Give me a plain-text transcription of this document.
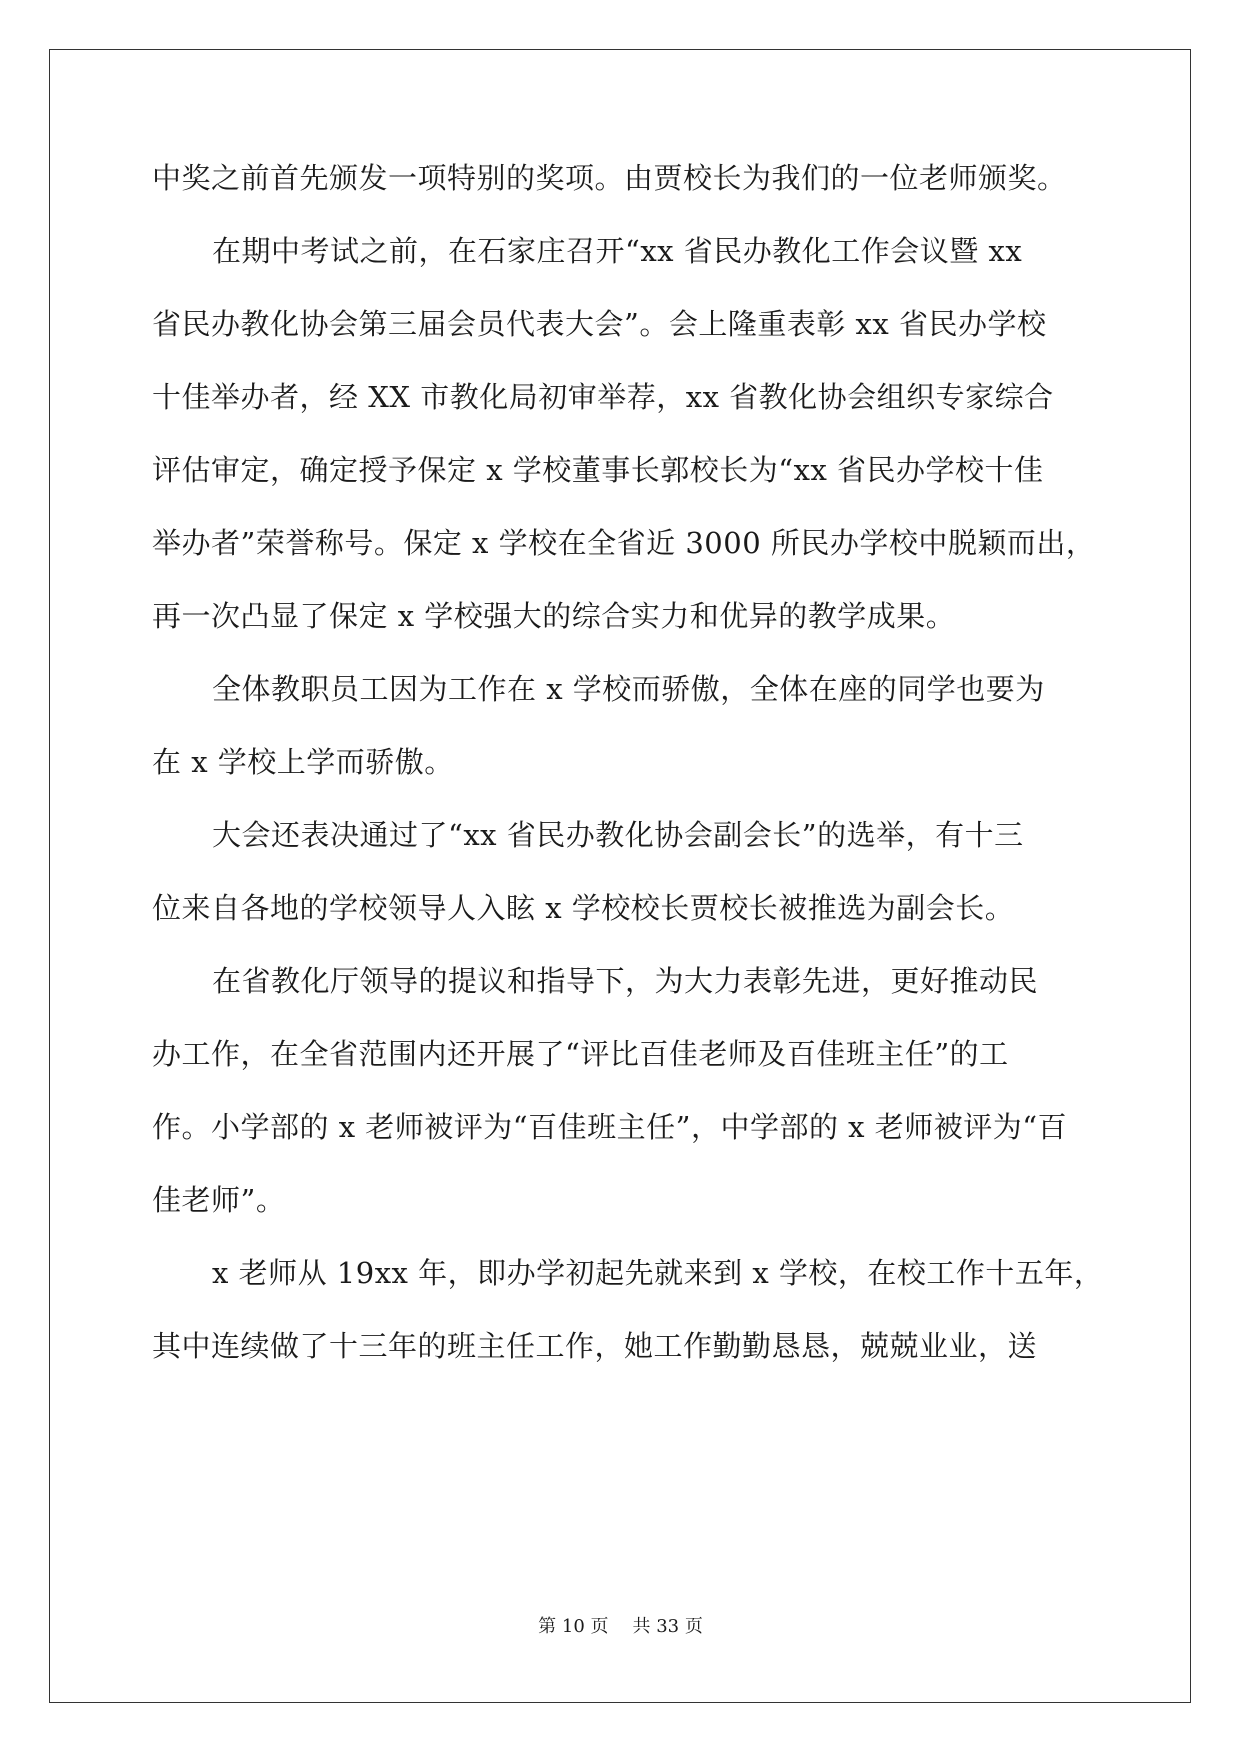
中奖之前首先颁发一项特别的奖项。由贾校长为我们的一位老师颁奖。
在期中考试之前，在石家庄召开“xx 省民办教化工作会议暨 xx
省民办教化协会第三届会员代表大会”。会上隆重表彰 xx 省民办学校
十佳举办者，经 XX 市教化局初审举荐，xx 省教化协会组织专家综合
评估审定，确定授予保定 x 学校董事长郭校长为“xx 省民办学校十佳
举办者”荣誉称号。保定 x 学校在全省近 3000 所民办学校中脱颖而出，
再一次凸显了保定 x 学校强大的综合实力和优异的教学成果。
全体教职员工因为工作在 x 学校而骄傲，全体在座的同学也要为
在 x 学校上学而骄傲。
大会还表决通过了“xx 省民办教化协会副会长”的选举，有十三
位来自各地的学校领导人入眩 x 学校校长贾校长被推选为副会长。
在省教化厅领导的提议和指导下，为大力表彰先进，更好推动民
办工作，在全省范围内还开展了“评比百佳老师及百佳班主任”的工
作。小学部的 x 老师被评为“百佳班主任”，中学部的 x 老师被评为“百
佳老师”。
x 老师从 19xx 年，即办学初起先就来到 x 学校，在校工作十五年，
其中连续做了十三年的班主任工作，她工作勤勤恳恳，兢兢业业，送
第 10 页 共 33 页
